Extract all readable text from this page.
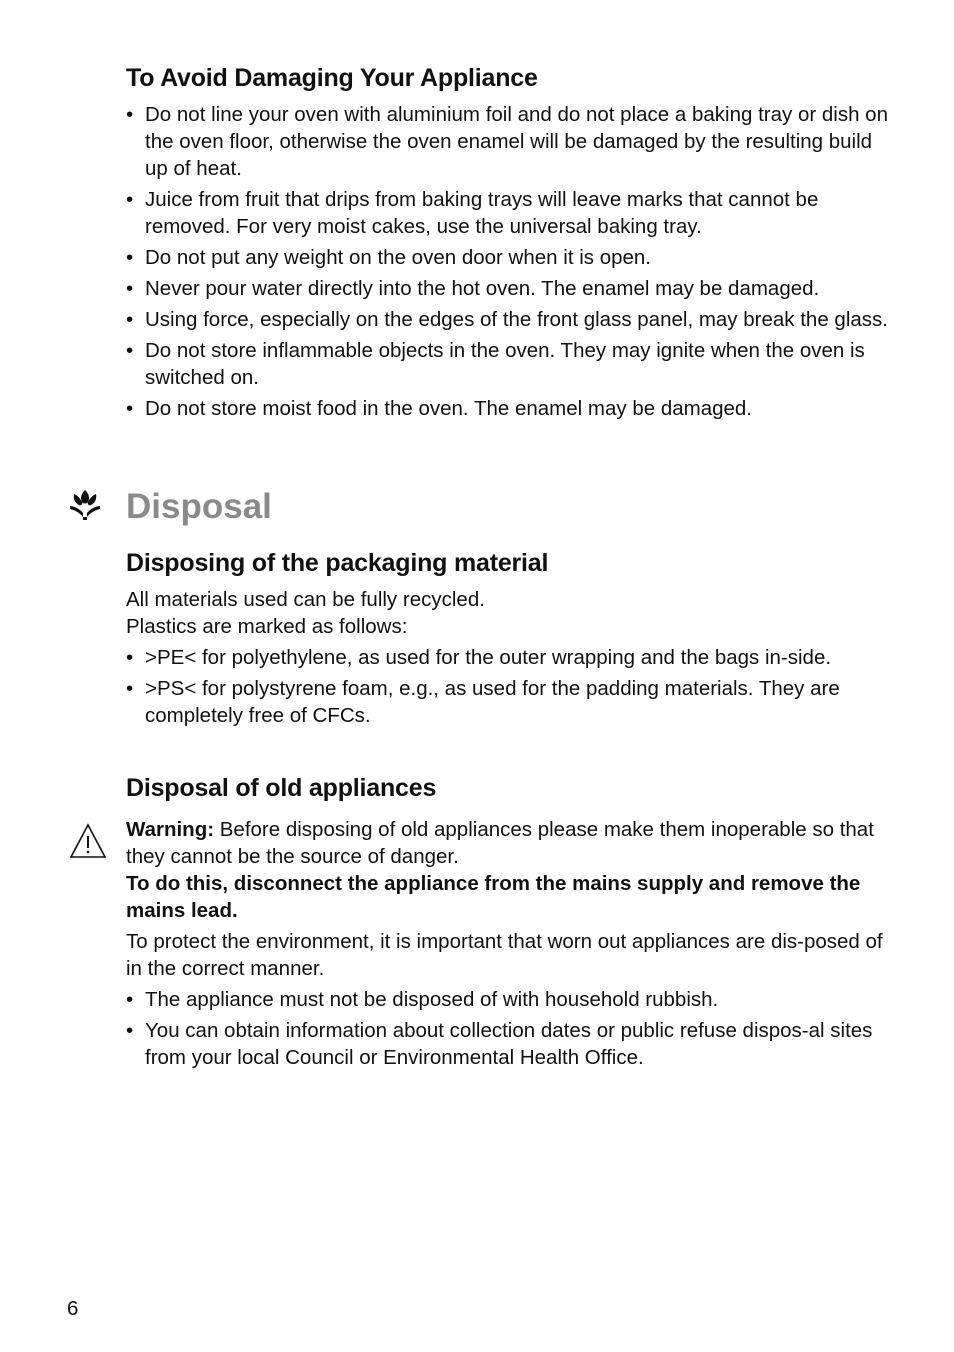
To Avoid Damaging Your Appliance
• Do not line your oven with aluminium foil and do not place a baking tray or dish on the oven floor, otherwise the oven enamel will be damaged by the resulting build up of heat.
• Juice from fruit that drips from baking trays will leave marks that cannot be removed. For very moist cakes, use the universal baking tray.
• Do not put any weight on the oven door when it is open.
• Never pour water directly into the hot oven. The enamel may be damaged.
• Using force, especially on the edges of the front glass panel, may break the glass.
• Do not store inflammable objects in the oven. They may ignite when the oven is switched on.
• Do not store moist food in the oven. The enamel may be damaged.
Disposal
Disposing of the packaging material

All materials used can be fully recycled.

Plastics are marked as follows:

• >PE< for polyethylene, as used for the outer wrapping and the bags in-side.
• >PS< for polystyrene foam, e.g., as used for the padding materials. They are completely free of CFCs.
Disposal of old appliances

Warning: Before disposing of old appliances please make them inoperable so that they cannot be the source of danger.

To do this, disconnect the appliance from the mains supply and remove the mains lead.

To protect the environment, it is important that worn out appliances are dis-posed of in the correct manner.

• The appliance must not be disposed of with household rubbish.
• You can obtain information about collection dates or public refuse dispos-al sites from your local Council or Environmental Health Office.
6
